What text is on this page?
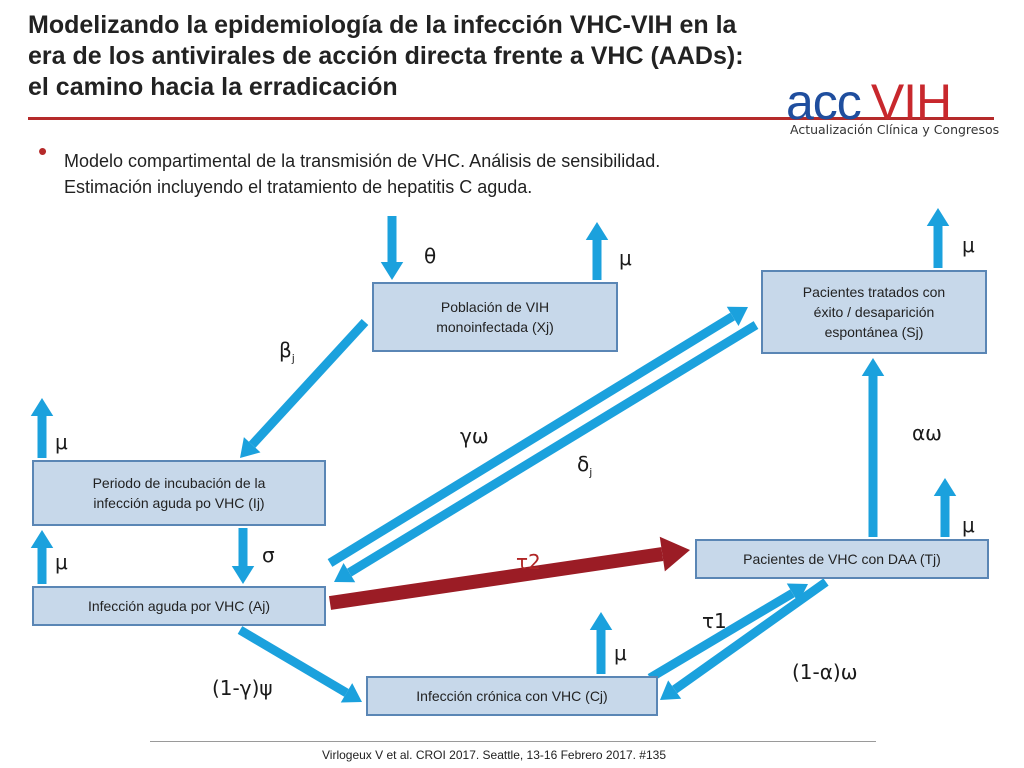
Modelizando la epidemiología de la infección VHC-VIH en la
era de los antivirales de acción directa frente a VHC (AADs):
el camino hacia la erradicación	acc VIH
Actualización Clínica y Congresos
• Modelo compartimental de la transmisión de VHC. Análisis de sensibilidad.
Estimación incluyendo el tratamiento de hepatitis C aguda.
Población de VIH
monoinfectada (Xj)
Pacientes tratados con
éxito / desaparición
espontánea (Sj)
Periodo de incubación de la
infección aguda po VHC (Ij)
Infección aguda por VHC (Aj)
Pacientes de VHC con DAA (Tj)
Infección crónica con VHC (Cj)
θ	μ
μ
$\beta_j$
μ	γω
$\delta_j$
αω
μ
μ	σ	τ2
τ1
μ
(1-γ)ψ
(1-α)ω
Virlogeux V et al. CROI 2017. Seattle, 13-16 Febrero 2017. #135
